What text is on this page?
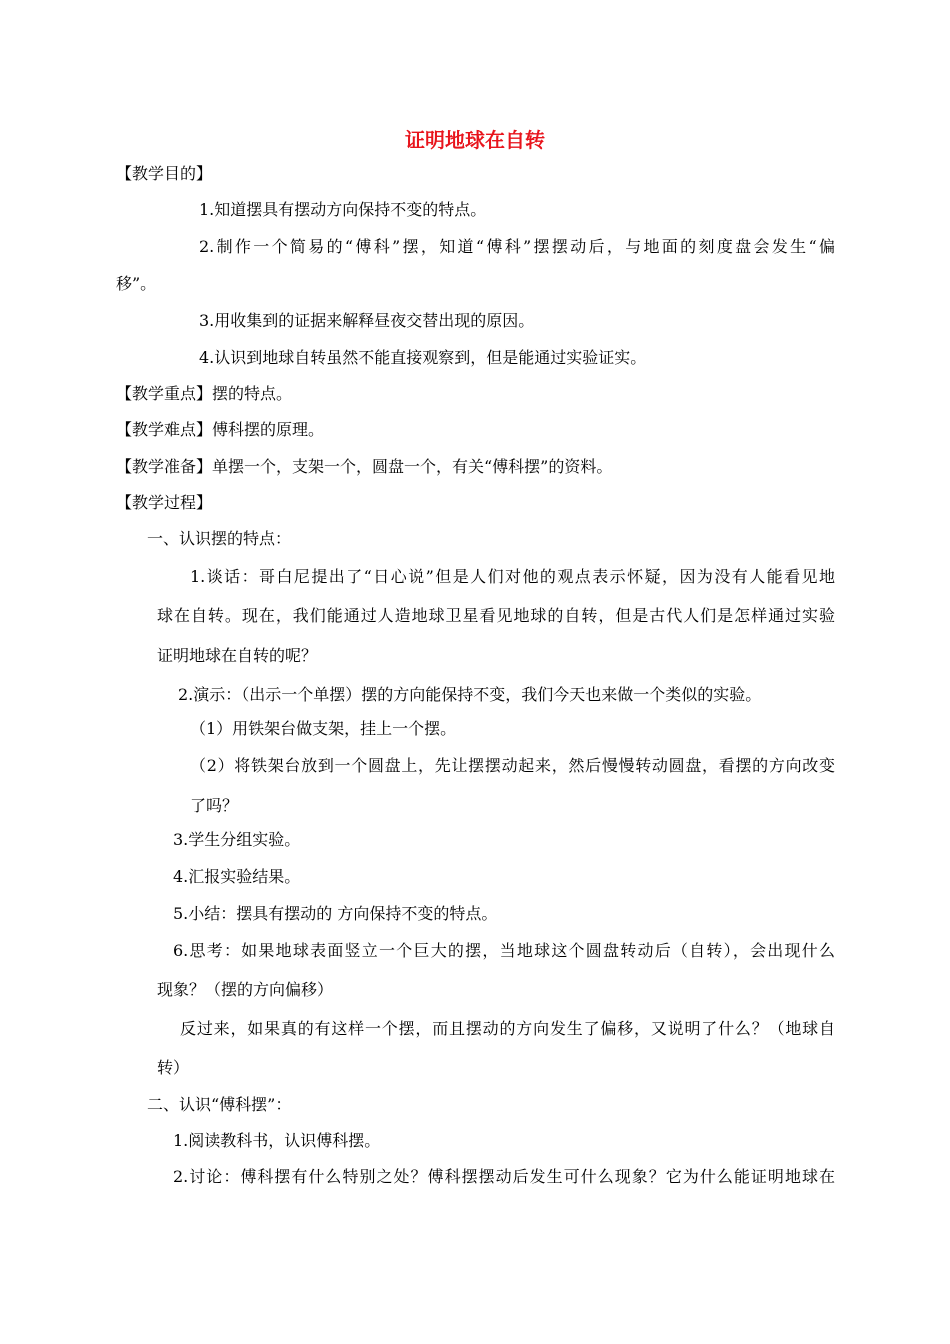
证明地球在自转
【教学目的】
1.知道摆具有摆动方向保持不变的特点。
2.制作一个简易的“傅科”摆，知道“傅科”摆摆动后，与地面的刻度盘会发生“偏
移”。
3.用收集到的证据来解释昼夜交替出现的原因。
4.认识到地球自转虽然不能直接观察到，但是能通过实验证实。
【教学重点】摆的特点。
【教学难点】傅科摆的原理。
【教学准备】单摆一个，支架一个，圆盘一个，有关“傅科摆”的资料。
【教学过程】
一、认识摆的特点：
1.谈话：哥白尼提出了“日心说”但是人们对他的观点表示怀疑，因为没有人能看见地
球在自转。现在，我们能通过人造地球卫星看见地球的自转，但是古代人们是怎样通过实验
证明地球在自转的呢？
2.演示：（出示一个单摆）摆的方向能保持不变，我们今天也来做一个类似的实验。
（1）用铁架台做支架，挂上一个摆。
（2）将铁架台放到一个圆盘上，先让摆摆动起来，然后慢慢转动圆盘，看摆的方向改变
了吗？
3.学生分组实验。
4.汇报实验结果。
5.小结：摆具有摆动的 方向保持不变的特点。
6.思考：如果地球表面竖立一个巨大的摆，当地球这个圆盘转动后（自转），会出现什么
现象？（摆的方向偏移）
反过来，如果真的有这样一个摆，而且摆动的方向发生了偏移，又说明了什么？（地球自
转）
二、认识“傅科摆”：
1.阅读教科书，认识傅科摆。
2.讨论：傅科摆有什么特别之处？傅科摆摆动后发生可什么现象？它为什么能证明地球在
